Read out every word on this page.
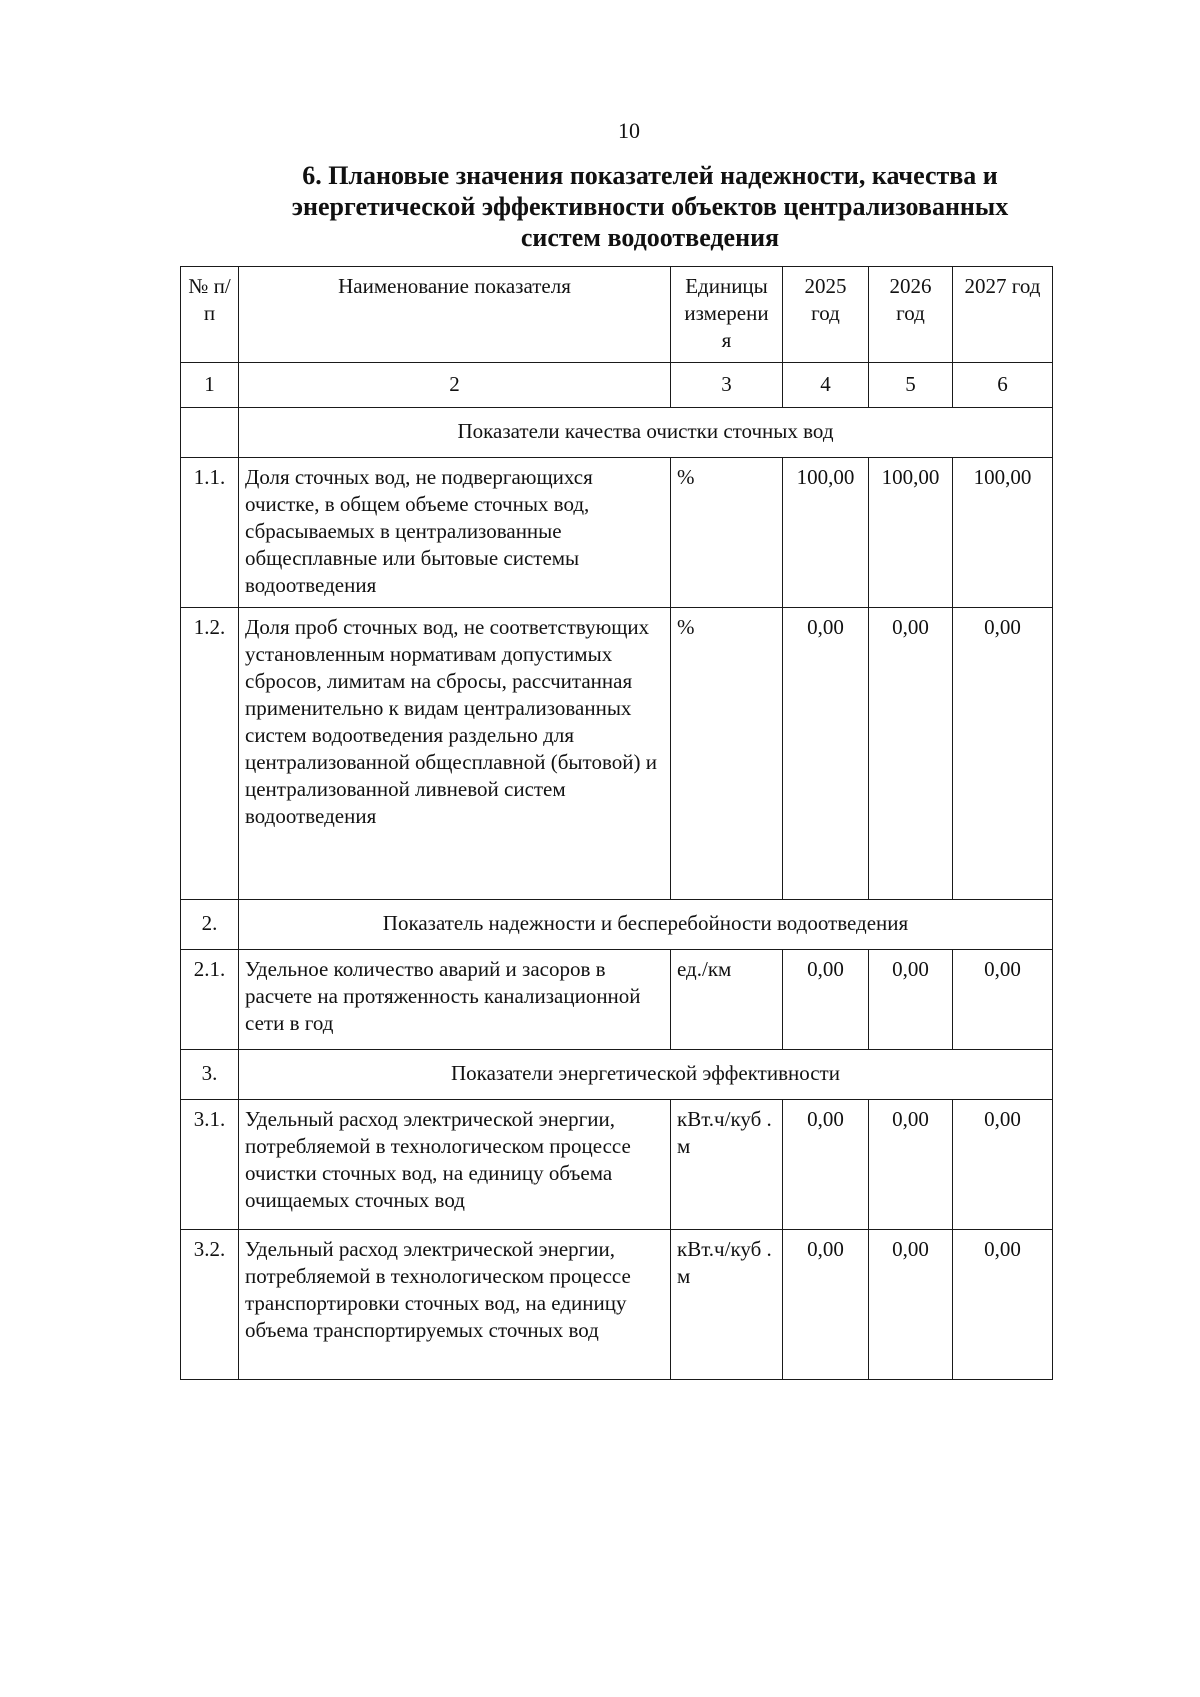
10
6. Плановые значения показателей надежности, качества и
энергетической эффективности объектов централизованных
систем водоотведения
№ п/п	Наименование показателя	Единицы измерени я	2025 год	2026 год	2027 год
1	2	3	4	5	6
	Показатели качества очистки сточных вод				
1.1.	Доля сточных вод, не подвергающихся очистке, в общем объеме сточных вод, сбрасываемых в централизованные общесплавные или бытовые системы водоотведения	%	100,00	100,00	100,00
1.2.	Доля проб сточных вод, не соответствующих установленным нормативам допустимых сбросов, лимитам на сбросы, рассчитанная применительно к видам централизованных систем водоотведения раздельно для централизованной общесплавной (бытовой) и централизованной ливневой систем водоотведения	%	0,00	0,00	0,00
2.	Показатель надежности и бесперебойности водоотведения				
2.1.	Удельное количество аварий и засоров в расчете на протяженность канализационной сети в год	ед./км	0,00	0,00	0,00
3.	Показатели энергетической эффективности				
3.1.	Удельный расход электрической энергии, потребляемой в технологическом процессе очистки сточных вод, на единицу объема очищаемых сточных вод	кВт.ч/куб . м	0,00	0,00	0,00
3.2.	Удельный расход электрической энергии, потребляемой в технологическом процессе транспортировки сточных вод, на единицу объема транспортируемых сточных вод	кВт.ч/куб . м	0,00	0,00	0,00
